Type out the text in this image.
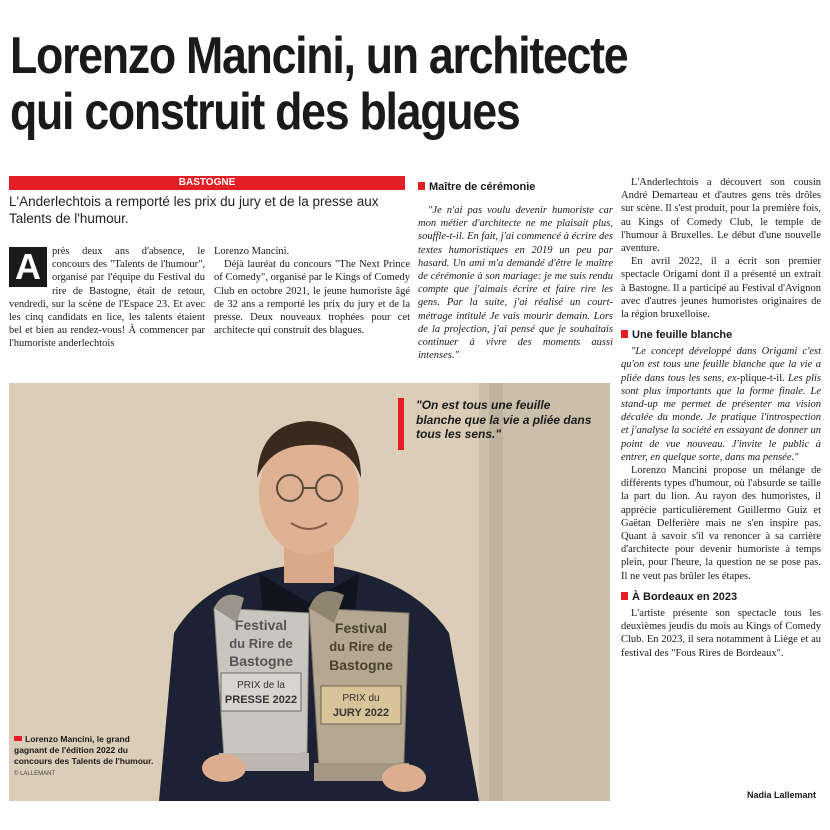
Lorenzo Mancini, un architecte
qui construit des blagues
BASTOGNE
L'Anderlechtois a remporté les prix du jury et de la presse aux Talents de l'humour.
A	près deux ans d'absence, le concours des "Talents de l'humour", organisé par l'équipe du Festival du rire de Bastogne, était de retour, vendredi, sur la scène de l'Espace 23. Et avec les cinq candidats en lice, les talents étaient bel et bien au rendez-vous! À commencer par l'humoriste anderlechtois

Lorenzo Mancini.

Déjà lauréat du concours "The Next Prince of Comedy", organisé par le Kings of Comedy Club en octobre 2021, le jeune humoriste âgé de 32 ans a remporté les prix du jury et de la presse. Deux nouveaux trophées pour cet architecte qui construit des blagues.

Maître de cérémonie

"Je n'ai pas voulu devenir humoriste car mon métier d'architecte ne me plaisait plus, souffle-t-il. En fait, j'ai commencé à écrire des textes humoristiques en 2019 un peu par hasard. Un ami m'a demandé d'être le maître de cérémonie à son mariage: je me suis rendu compte que j'aimais écrire et faire rire les gens. Par la suite, j'ai réalisé un court-métrage intitulé Je vais mourir demain. Lors de la projection, j'ai pensé que je souhaitais continuer à vivre des moments aussi intenses."

L'Anderlechtois a découvert son cousin André Demarteau et d'autres gens très drôles sur scène. Il s'est produit, pour la première fois, au Kings of Comedy Club, le temple de l'humour à Bruxelles. Le début d'une nouvelle aventure.

En avril 2022, il a écrit son premier spectacle Origami dont il a présenté un extrait à Bastogne. Il a participé au Festival d'Avignon avec d'autres jeunes humoristes originaires de la région bruxelloise.

Une feuille blanche

"Le concept développé dans Origami c'est qu'on est tous une feuille blanche que la vie a pliée dans tous les sens, ex-plique-t-il. Les plis sont plus importants que la forme finale. Le stand-up me permet de présenter ma vision décalée du monde. Je pratique l'introspection et j'analyse la société en essayant de donner un point de vue nouveau. J'invite le public à entrer, en quelque sorte, dans ma pensée."

Lorenzo Mancini propose un mélange de différents types d'humour, où l'absurde se taille la part du lion. Au rayon des humoristes, il apprécie particulièrement Guillermo Guiz et Gaëtan Delferière mais ne s'en inspire pas. Quant à savoir s'il va renoncer à sa carrière d'architecte pour devenir humoriste à temps plein, pour l'heure, la question ne se pose pas. Il ne veut pas brûler les étapes.

À Bordeaux en 2023

L'artiste présente son spectacle tous les deuxièmes jeudis du mois au Kings of Comedy Club. En 2023, il sera notamment à Liège et au festival des "Fous Rires de Bordeaux".

Festival
du Rire de
Bastogne
PRIX de la
PRESSE 2022
Festival
du Rire de
Bastogne
PRIX du
JURY 2022
"On est tous une feuille blanche que la vie a pliée dans tous les sens."
Lorenzo Mancini, le grand gagnant de l'édition 2022 du concours des Talents de l'humour. © LALLEMANT
Nadia Lallemant
